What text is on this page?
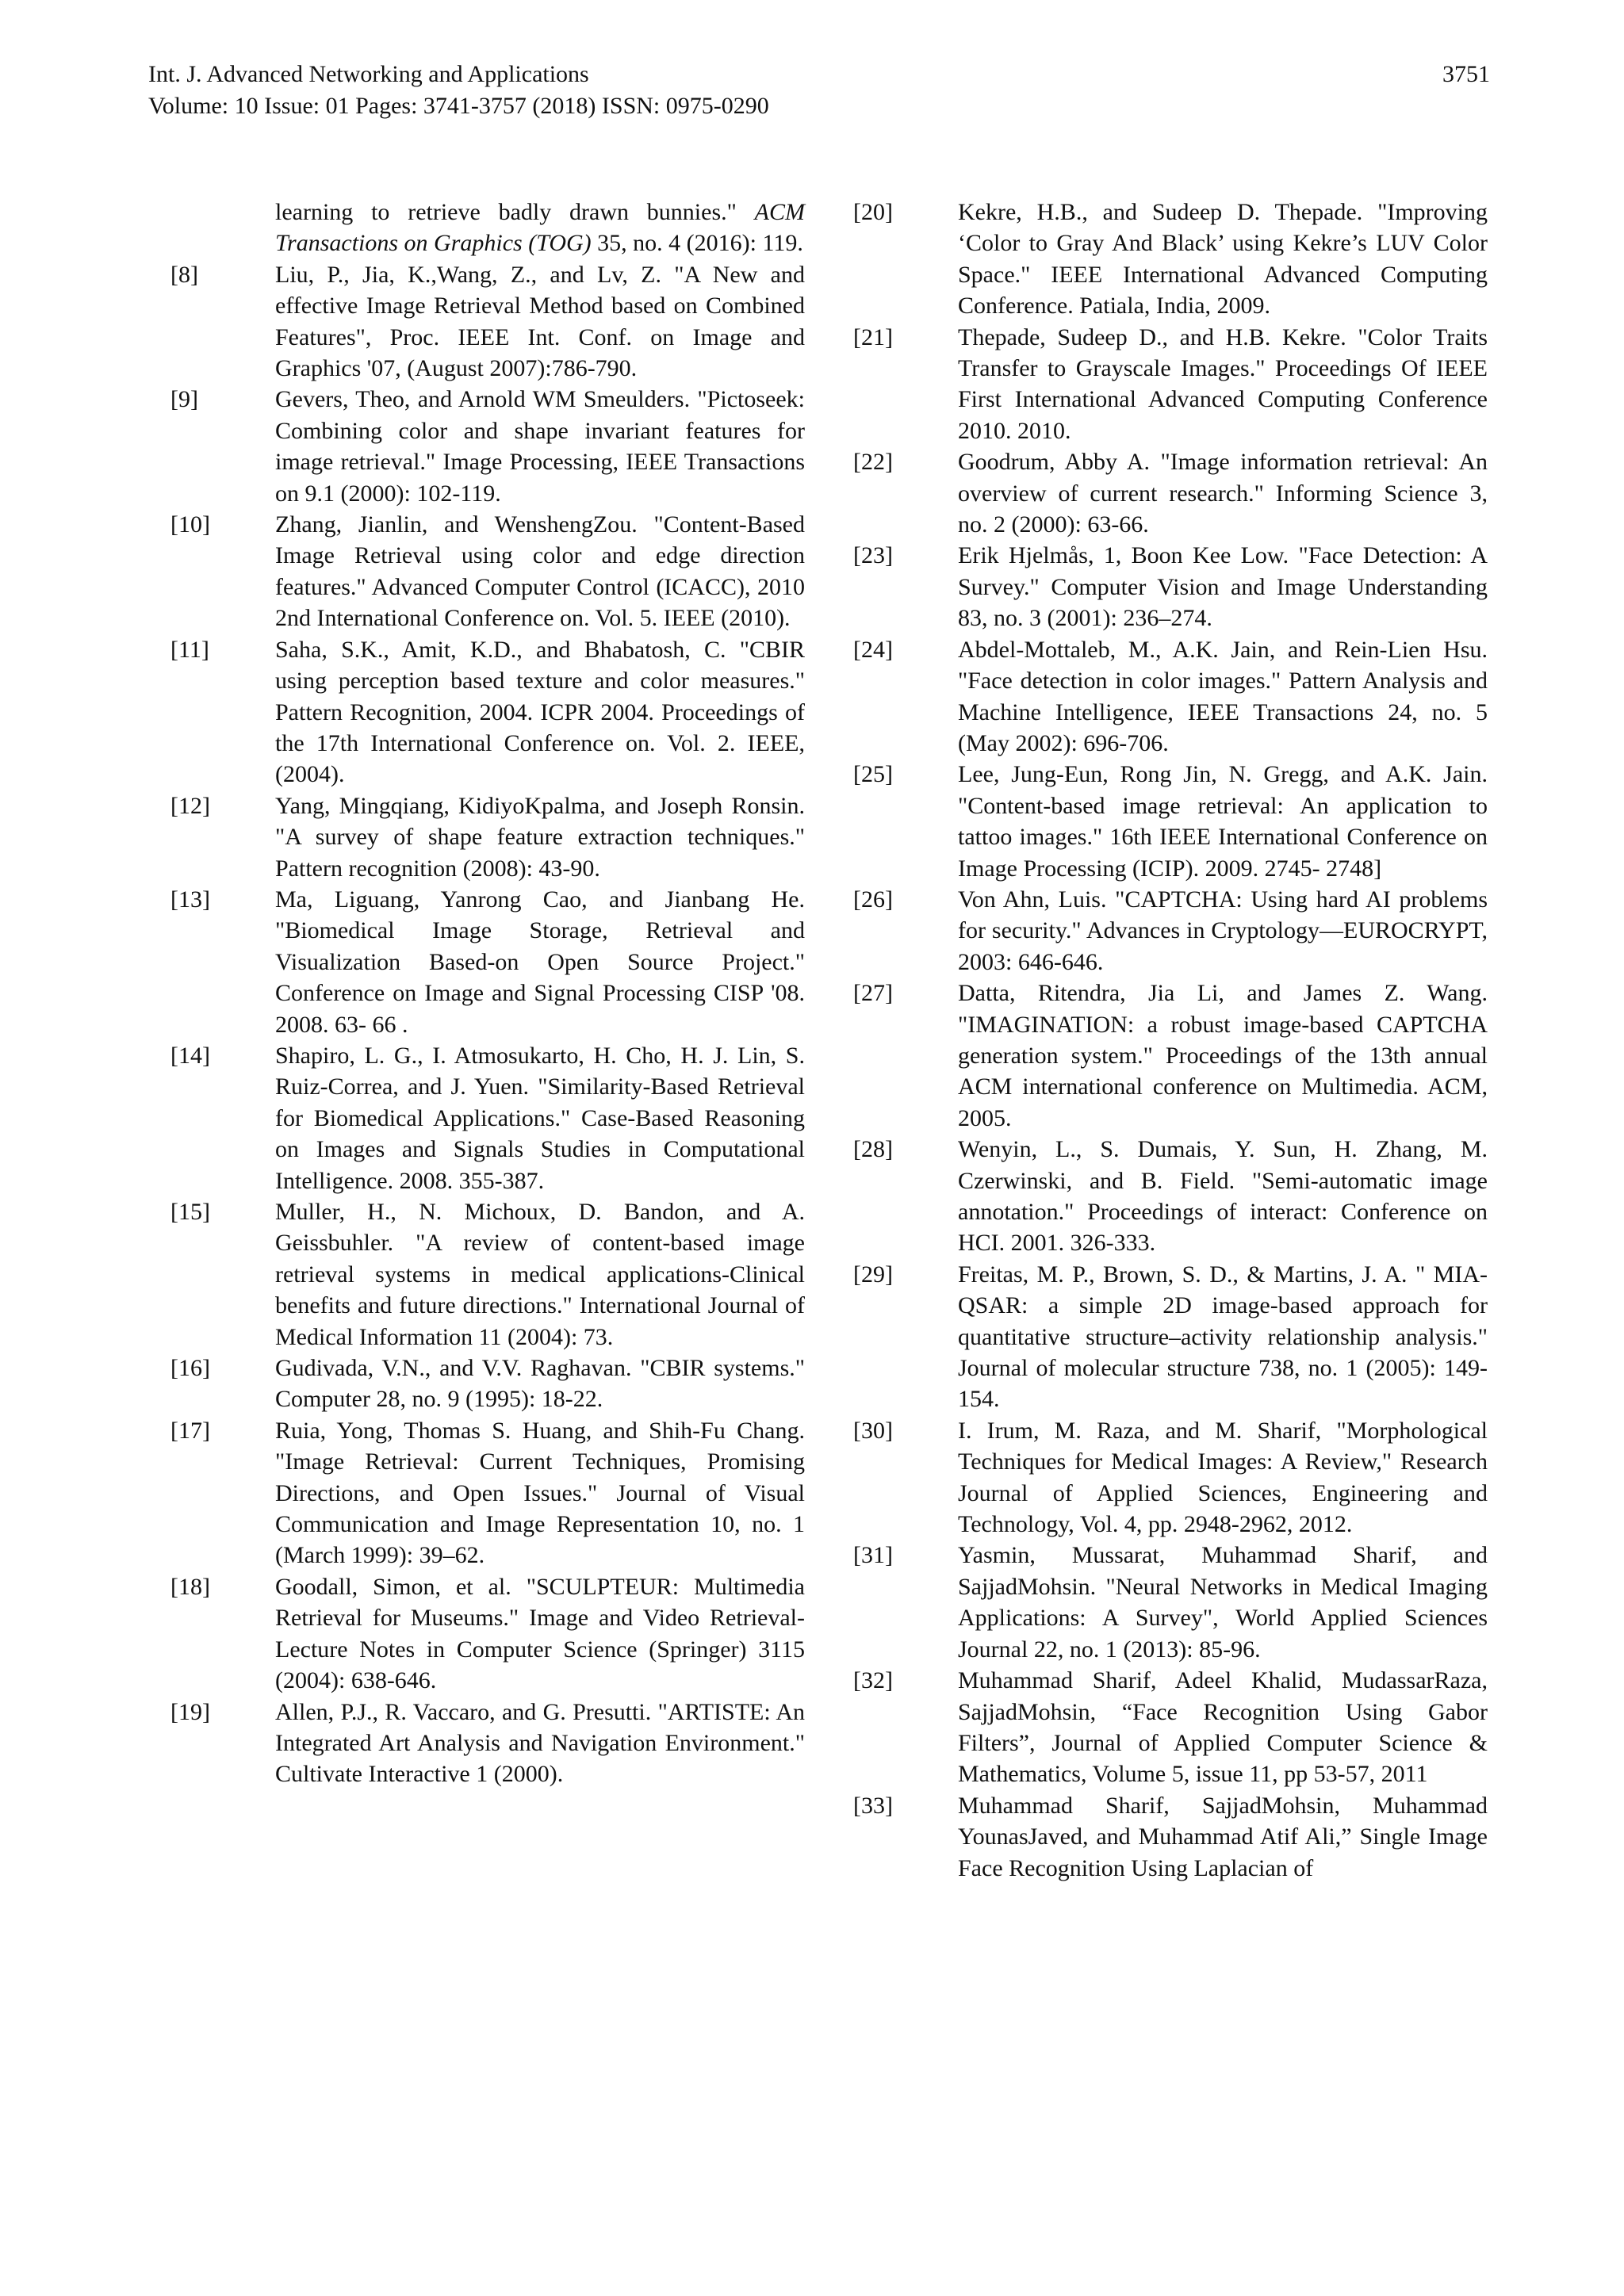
Int. J. Advanced Networking and Applications
Volume: 10 Issue: 01 Pages: 3741-3757 (2018) ISSN: 0975-0290
3751
learning to retrieve badly drawn bunnies." ACM Transactions on Graphics (TOG) 35, no. 4 (2016): 119.
[8]	Liu, P., Jia, K.,Wang, Z., and Lv, Z. "A New and effective Image Retrieval Method based on Combined Features", Proc. IEEE Int. Conf. on Image and Graphics '07, (August 2007):786-790.
[9]	Gevers, Theo, and Arnold WM Smeulders. "Pictoseek: Combining color and shape invariant features for image retrieval." Image Processing, IEEE Transactions on 9.1 (2000): 102-119.
[10]	Zhang, Jianlin, and WenshengZou. "Content-Based Image Retrieval using color and edge direction features." Advanced Computer Control (ICACC), 2010 2nd International Conference on. Vol. 5. IEEE (2010).
[11]	Saha, S.K., Amit, K.D., and Bhabatosh, C. "CBIR using perception based texture and color measures." Pattern Recognition, 2004. ICPR 2004. Proceedings of the 17th International Conference on. Vol. 2. IEEE, (2004).
[12]	Yang, Mingqiang, KidiyoKpalma, and Joseph Ronsin. "A survey of shape feature extraction techniques." Pattern recognition (2008): 43-90.
[13]	Ma, Liguang, Yanrong Cao, and Jianbang He. "Biomedical Image Storage, Retrieval and Visualization Based-on Open Source Project." Conference on Image and Signal Processing CISP '08. 2008. 63- 66 .
[14]	Shapiro, L. G., I. Atmosukarto, H. Cho, H. J. Lin, S. Ruiz-Correa, and J. Yuen. "Similarity-Based Retrieval for Biomedical Applications." Case-Based Reasoning on Images and Signals Studies in Computational Intelligence. 2008. 355-387.
[15]	Muller, H., N. Michoux, D. Bandon, and A. Geissbuhler. "A review of content-based image retrieval systems in medical applications-Clinical benefits and future directions." International Journal of Medical Information 11 (2004): 73.
[16]	Gudivada, V.N., and V.V. Raghavan. "CBIR systems." Computer 28, no. 9 (1995): 18-22.
[17]	Ruia, Yong, Thomas S. Huang, and Shih-Fu Chang. "Image Retrieval: Current Techniques, Promising Directions, and Open Issues." Journal of Visual Communication and Image Representation 10, no. 1 (March 1999): 39–62.
[18]	Goodall, Simon, et al. "SCULPTEUR: Multimedia Retrieval for Museums." Image and Video Retrieval-Lecture Notes in Computer Science (Springer) 3115 (2004): 638-646.
[19]	Allen, P.J., R. Vaccaro, and G. Presutti. "ARTISTE: An Integrated Art Analysis and Navigation Environment." Cultivate Interactive 1 (2000).
[20]	Kekre, H.B., and Sudeep D. Thepade. "Improving ‘Color to Gray And Black’ using Kekre’s LUV Color Space." IEEE International Advanced Computing Conference. Patiala, India, 2009.
[21]	Thepade, Sudeep D., and H.B. Kekre. "Color Traits Transfer to Grayscale Images." Proceedings Of IEEE First International Advanced Computing Conference 2010. 2010.
[22]	Goodrum, Abby A. "Image information retrieval: An overview of current research." Informing Science 3, no. 2 (2000): 63-66.
[23]	Erik Hjelmås, 1, Boon Kee Low. "Face Detection: A Survey." Computer Vision and Image Understanding 83, no. 3 (2001): 236–274.
[24]	Abdel-Mottaleb, M., A.K. Jain, and Rein-Lien Hsu. "Face detection in color images." Pattern Analysis and Machine Intelligence, IEEE Transactions 24, no. 5 (May 2002): 696-706.
[25]	Lee, Jung-Eun, Rong Jin, N. Gregg, and A.K. Jain. "Content-based image retrieval: An application to tattoo images." 16th IEEE International Conference on Image Processing (ICIP). 2009. 2745- 2748]
[26]	Von Ahn, Luis. "CAPTCHA: Using hard AI problems for security." Advances in Cryptology—EUROCRYPT, 2003: 646-646.
[27]	Datta, Ritendra, Jia Li, and James Z. Wang. "IMAGINATION: a robust image-based CAPTCHA generation system." Proceedings of the 13th annual ACM international conference on Multimedia. ACM, 2005.
[28]	Wenyin, L., S. Dumais, Y. Sun, H. Zhang, M. Czerwinski, and B. Field. "Semi-automatic image annotation." Proceedings of interact: Conference on HCI. 2001. 326-333.
[29]	Freitas, M. P., Brown, S. D., & Martins, J. A. " MIA-QSAR: a simple 2D image-based approach for quantitative structure–activity relationship analysis." Journal of molecular structure 738, no. 1 (2005): 149-154.
[30]	I. Irum, M. Raza, and M. Sharif, "Morphological Techniques for Medical Images: A Review," Research Journal of Applied Sciences, Engineering and Technology, Vol. 4, pp. 2948-2962, 2012.
[31]	Yasmin, Mussarat, Muhammad Sharif, and SajjadMohsin. "Neural Networks in Medical Imaging Applications: A Survey", World Applied Sciences Journal 22, no. 1 (2013): 85-96.
[32]	Muhammad Sharif, Adeel Khalid, MudassarRaza, SajjadMohsin, “Face Recognition Using Gabor Filters”, Journal of Applied Computer Science & Mathematics, Volume 5, issue 11, pp 53-57, 2011
[33]	Muhammad Sharif, SajjadMohsin, Muhammad YounasJaved, and Muhammad Atif Ali,” Single Image Face Recognition Using Laplacian of
